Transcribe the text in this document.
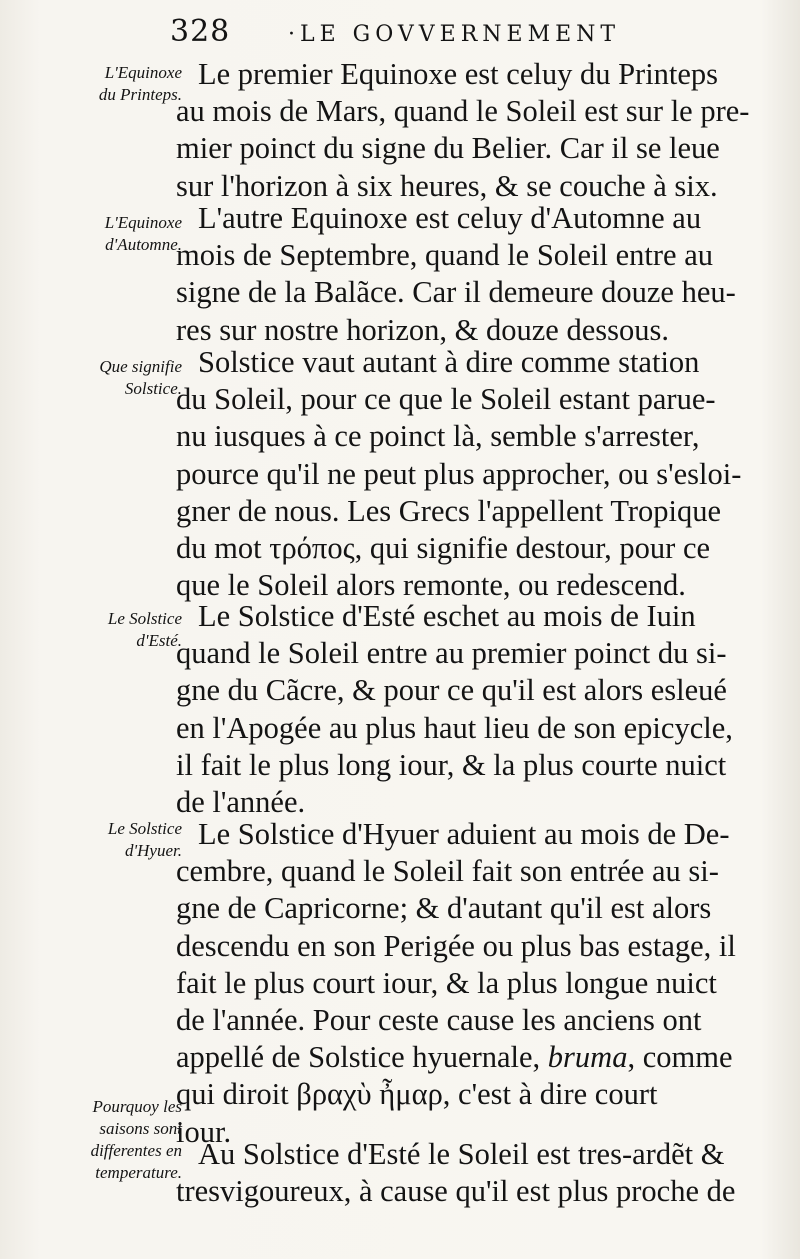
328	·LE GOVVERNEMENT
L'Equinoxe
du Printeps.
L'Equinoxe
d'Automne.
Que signifie
Solstice.
Le Solstice
d'Esté.
Le Solstice
d'Hyuer.
Pourquoy les
saisons sont
differentes en
temperature.
Le premier Equinoxe est celuy du Printeps
au mois de Mars, quand le Soleil est sur le pre-
mier poinct du signe du Belier. Car il se leue
sur l'horizon à six heures, & se couche à six.
L'autre Equinoxe est celuy d'Automne au
mois de Septembre, quand le Soleil entre au
signe de la Balãce. Car il demeure douze heu-
res sur nostre horizon, & douze dessous.
Solstice vaut autant à dire comme station
du Soleil, pour ce que le Soleil estant parue-
nu iusques à ce poinct là, semble s'arrester,
pource qu'il ne peut plus approcher, ou s'esloi-
gner de nous. Les Grecs l'appellent Tropique
du mot τρόπος, qui signifie destour, pour ce
que le Soleil alors remonte, ou redescend.
Le Solstice d'Esté eschet au mois de Iuin
quand le Soleil entre au premier poinct du si-
gne du Cãcre, & pour ce qu'il est alors esleué
en l'Apogée au plus haut lieu de son epicycle,
il fait le plus long iour, & la plus courte nuict
de l'année.
Le Solstice d'Hyuer aduient au mois de De-
cembre, quand le Soleil fait son entrée au si-
gne de Capricorne; & d'autant qu'il est alors
descendu en son Perigée ou plus bas estage, il
fait le plus court iour, & la plus longue nuict
de l'année. Pour ceste cause les anciens ont
appellé de Solstice hyuernale, bruma, comme
qui diroit βραχὺ ἦμαρ, c'est à dire court
iour.
Au Solstice d'Esté le Soleil est tres-ardẽt &
tresvigoureux, à cause qu'il est plus proche de
